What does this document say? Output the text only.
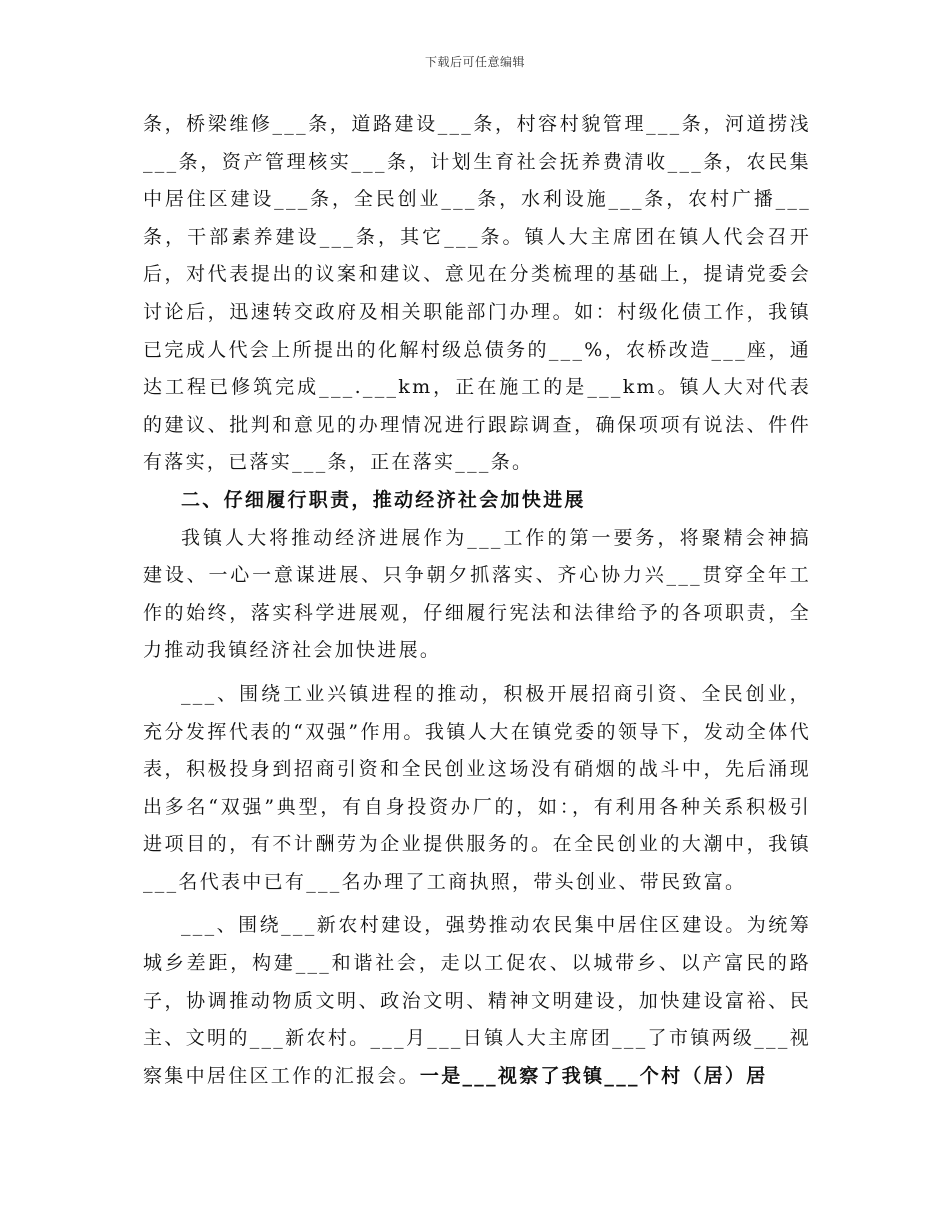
下载后可任意编辑

条，桥梁维修___条，道路建设___条，村容村貌管理___条，河道捞浅___条，资产管理核实___条，计划生育社会抚养费清收___条，农民集中居住区建设___条，全民创业___条，水利设施___条，农村广播___条，干部素养建设___条，其它___条。镇人大主席团在镇人代会召开后，对代表提出的议案和建议、意见在分类梳理的基础上，提请党委会讨论后，迅速转交政府及相关职能部门办理。如：村级化债工作，我镇已完成人代会上所提出的化解村级总债务的___%，农桥改造___座，通达工程已修筑完成___.___km，正在施工的是___km。镇人大对代表的建议、批判和意见的办理情况进行跟踪调查，确保项项有说法、件件有落实，已落实___条，正在落实___条。

二、仔细履行职责，推动经济社会加快进展

我镇人大将推动经济进展作为___工作的第一要务，将聚精会神搞建设、一心一意谋进展、只争朝夕抓落实、齐心协力兴___贯穿全年工作的始终，落实科学进展观，仔细履行宪法和法律给予的各项职责，全力推动我镇经济社会加快进展。

___、围绕工业兴镇进程的推动，积极开展招商引资、全民创业，充分发挥代表的“双强”作用。我镇人大在镇党委的领导下，发动全体代表，积极投身到招商引资和全民创业这场没有硝烟的战斗中，先后涌现出多名“双强”典型，有自身投资办厂的，如：，有利用各种关系积极引进项目的，有不计酬劳为企业提供服务的。在全民创业的大潮中，我镇___名代表中已有___名办理了工商执照，带头创业、带民致富。

___、围绕___新农村建设，强势推动农民集中居住区建设。为统筹城乡差距，构建___和谐社会，走以工促农、以城带乡、以产富民的路子，协调推动物质文明、政治文明、精神文明建设，加快建设富裕、民主、文明的___新农村。___月___日镇人大主席团___了市镇两级___视察集中居住区工作的汇报会。一是___视察了我镇___个村（居）居
